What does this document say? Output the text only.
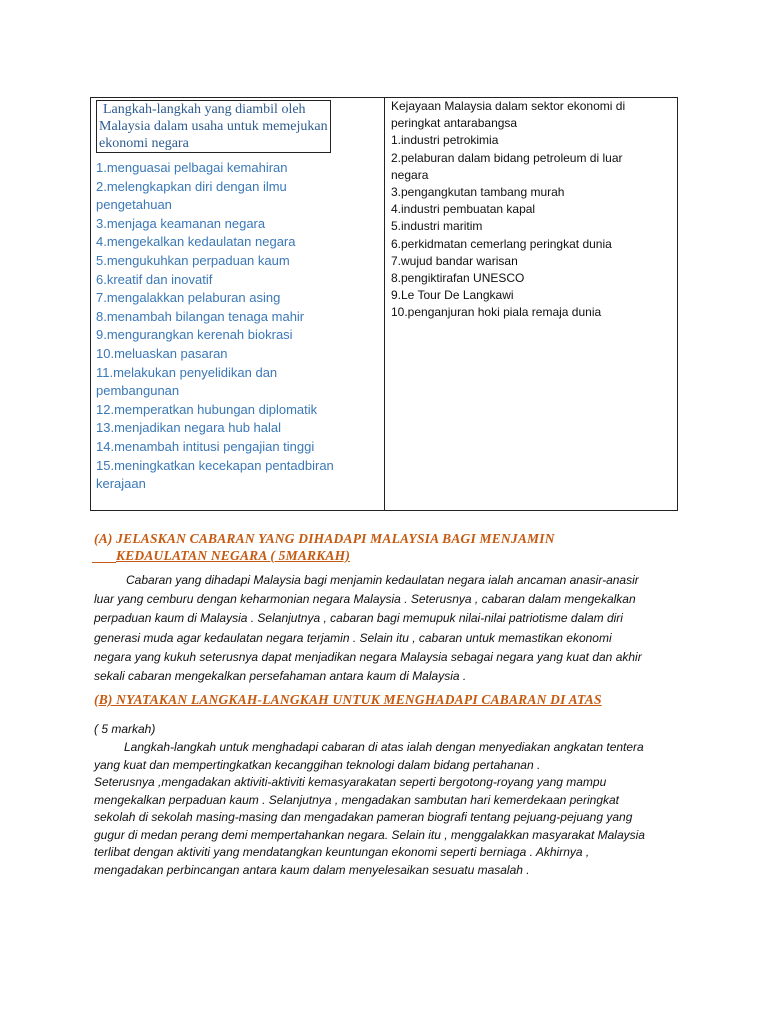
Langkah-langkah yang diambil oleh
Malaysia dalam usaha untuk memejukan
ekonomi negara
1.menguasai pelbagai kemahiran
2.melengkapkan diri dengan ilmu
pengetahuan
3.menjaga keamanan negara
4.mengekalkan kedaulatan negara
5.mengukuhkan perpaduan kaum
6.kreatif dan inovatif
7.mengalakkan pelaburan asing
8.menambah bilangan tenaga mahir
9.mengurangkan kerenah biokrasi
10.meluaskan pasaran
11.melakukan penyelidikan dan
pembangunan
12.memperatkan hubungan diplomatik
13.menjadikan negara hub halal
14.menambah intitusi pengajian tinggi
15.meningkatkan kecekapan pentadbiran
kerajaan
Kejayaan Malaysia dalam sektor ekonomi di
peringkat antarabangsa
1.industri petrokimia
2.pelaburan dalam bidang petroleum di luar
negara
3.pengangkutan tambang murah
4.industri pembuatan kapal
5.industri maritim
6.perkidmatan cemerlang peringkat dunia
7.wujud bandar warisan
8.pengiktirafan UNESCO
9.Le Tour De Langkawi
10.penganjuran hoki piala remaja dunia
(A) JELASKAN CABARAN YANG DIHADAPI MALAYSIA BAGI MENJAMIN
KEDAULATAN NEGARA ( 5MARKAH)
Cabaran yang dihadapi Malaysia bagi menjamin kedaulatan negara ialah ancaman anasir-anasir
luar yang cemburu dengan keharmonian negara Malaysia . Seterusnya , cabaran dalam mengekalkan
perpaduan kaum di Malaysia . Selanjutnya , cabaran bagi memupuk nilai-nilai patriotisme dalam diri
generasi muda agar kedaulatan negara terjamin . Selain itu , cabaran untuk memastikan ekonomi
negara yang kukuh seterusnya dapat menjadikan negara Malaysia sebagai negara yang kuat dan akhir
sekali cabaran mengekalkan persefahaman antara kaum di Malaysia .
(B) NYATAKAN LANGKAH-LANGKAH UNTUK MENGHADAPI CABARAN DI ATAS
( 5 markah)
Langkah-langkah untuk menghadapi cabaran di atas ialah dengan menyediakan angkatan tentera
yang kuat dan mempertingkatkan kecanggihan teknologi dalam bidang pertahanan .
Seterusnya ,mengadakan aktiviti-aktiviti kemasyarakatan seperti bergotong-royang yang mampu
mengekalkan perpaduan kaum . Selanjutnya , mengadakan sambutan hari kemerdekaan peringkat
sekolah di sekolah masing-masing dan mengadakan pameran biografi tentang pejuang-pejuang yang
gugur di medan perang demi mempertahankan negara. Selain itu , menggalakkan masyarakat Malaysia
terlibat dengan aktiviti yang mendatangkan keuntungan ekonomi seperti berniaga . Akhirnya ,
mengadakan perbincangan antara kaum dalam menyelesaikan sesuatu masalah .
